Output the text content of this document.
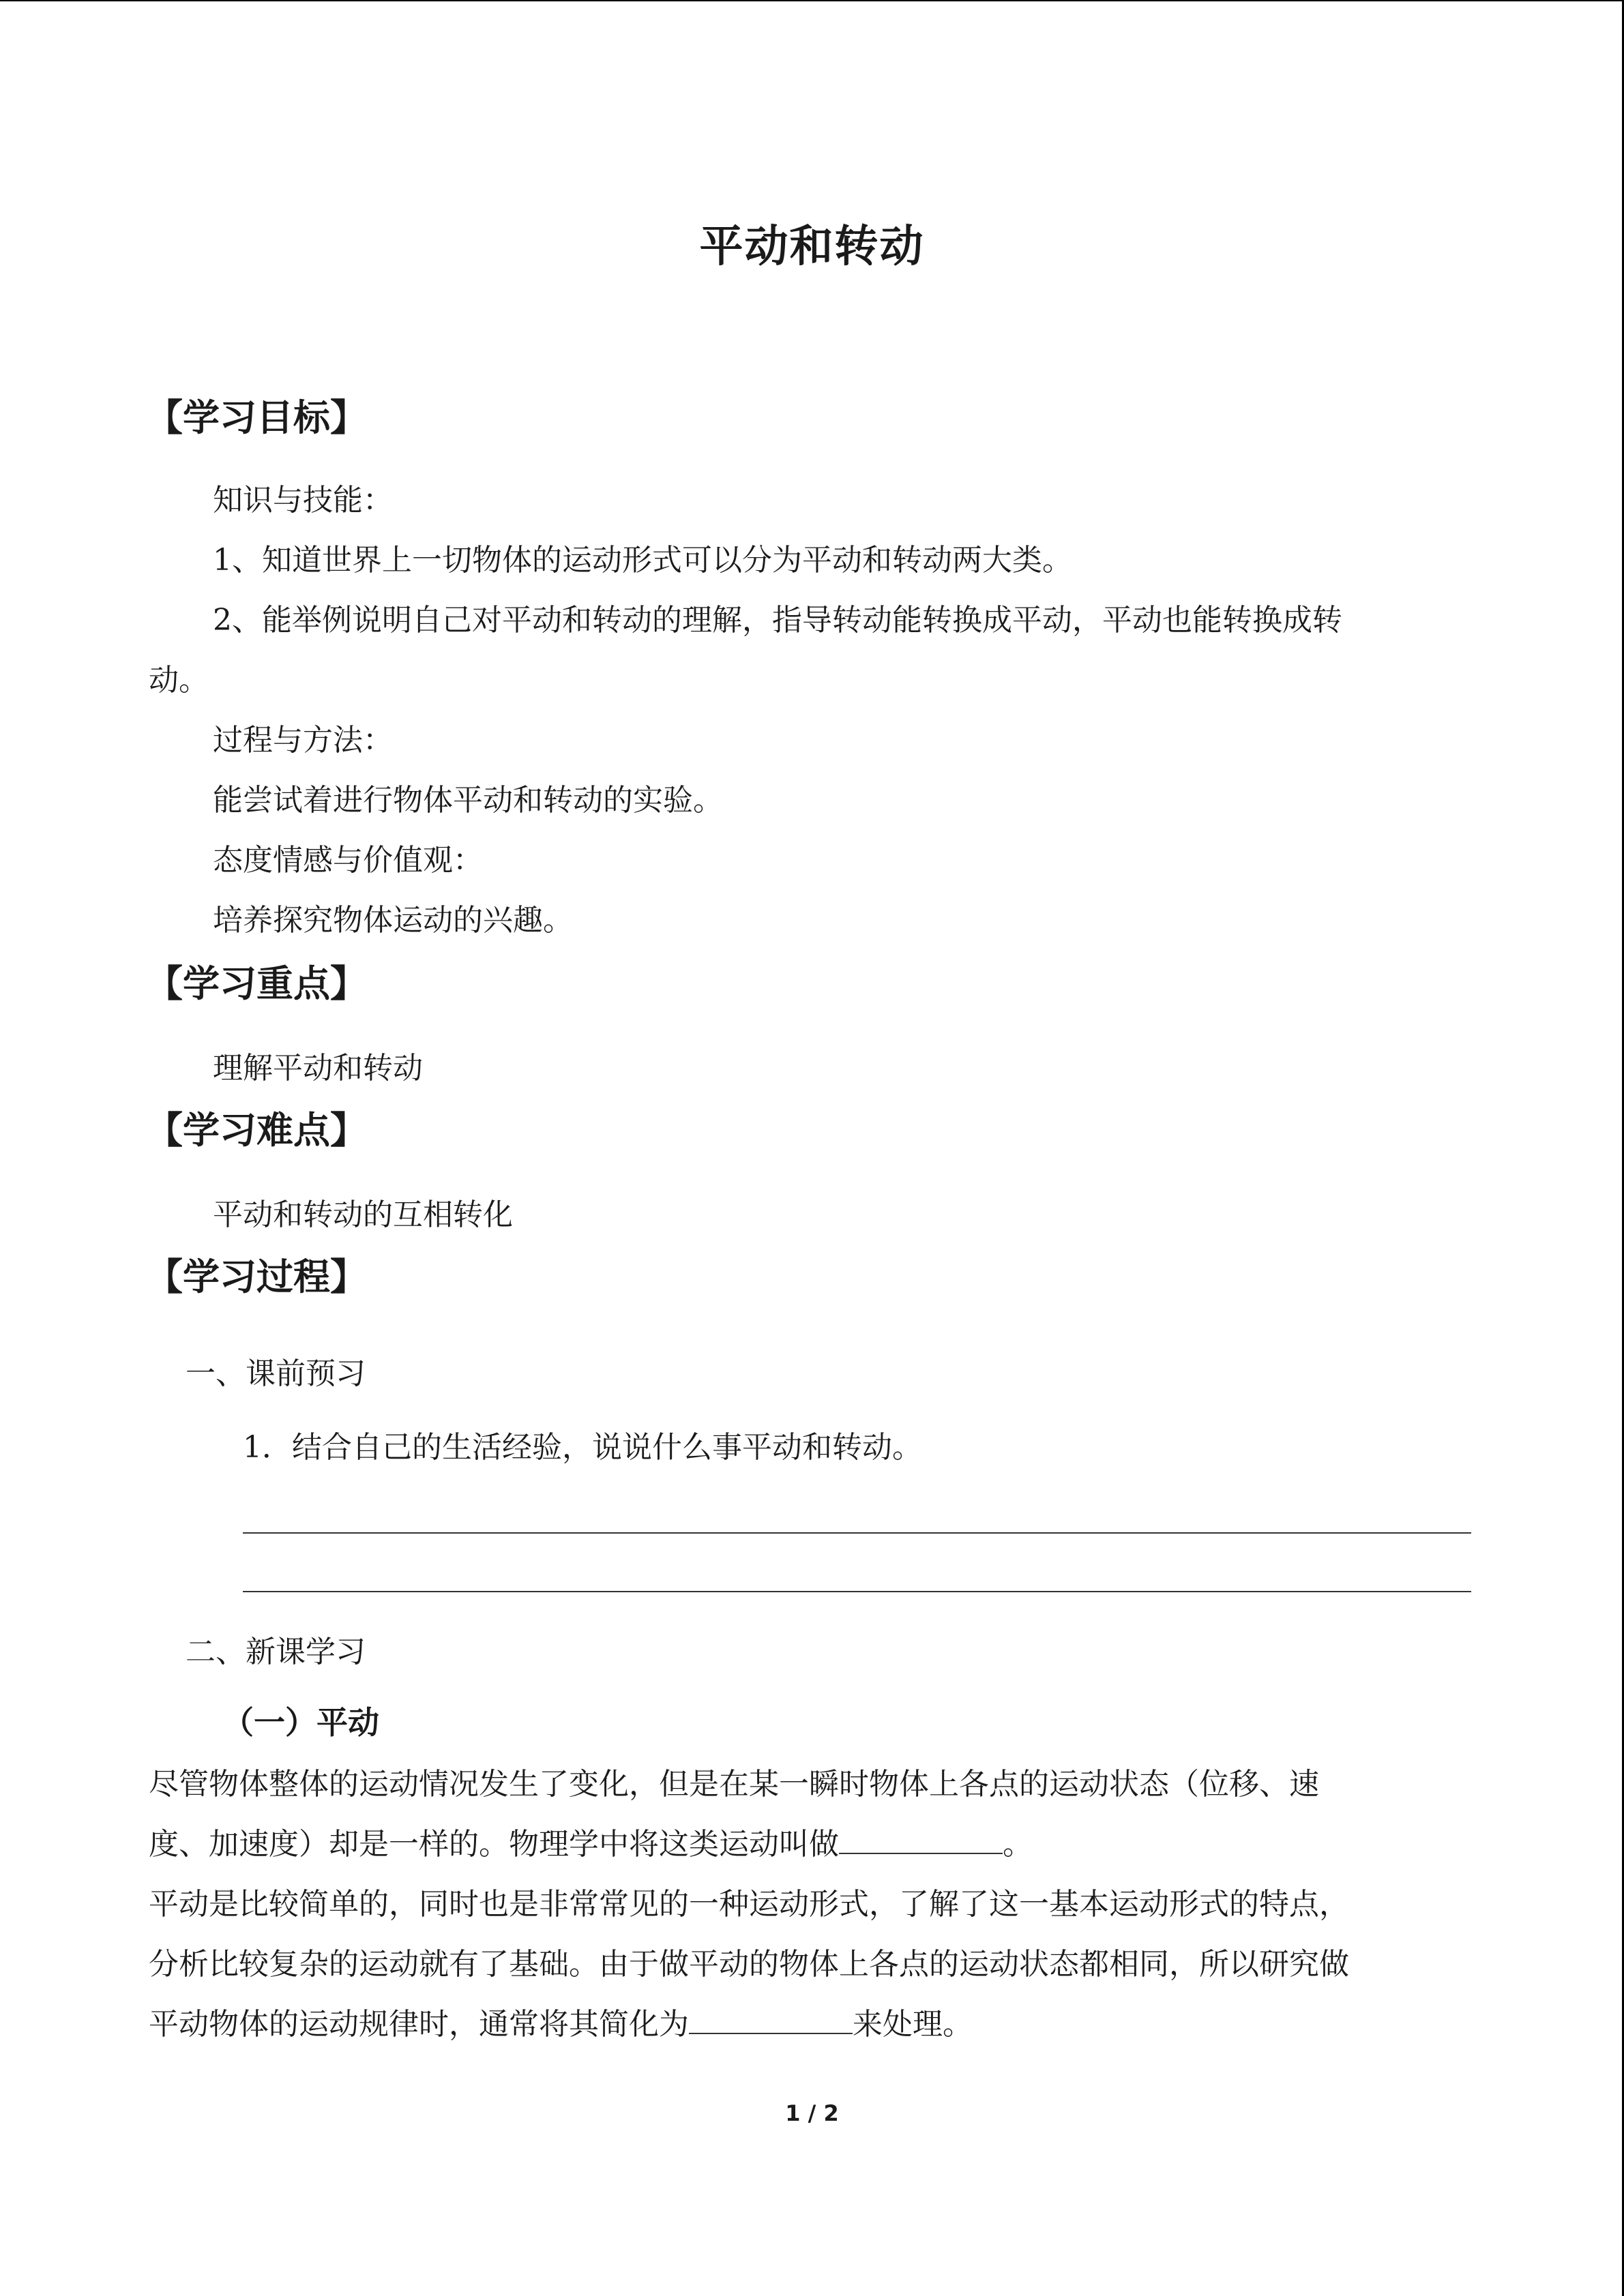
平动和转动
【学习目标】
知识与技能：
1、知道世界上一切物体的运动形式可以分为平动和转动两大类。
2、能举例说明自己对平动和转动的理解，指导转动能转换成平动，平动也能转换成转
动。
过程与方法：
能尝试着进行物体平动和转动的实验。
态度情感与价值观：
培养探究物体运动的兴趣。
【学习重点】
理解平动和转动
【学习难点】
平动和转动的互相转化
【学习过程】
一、课前预习
1．结合自己的生活经验，说说什么事平动和转动。
二、新课学习
（一）平动
尽管物体整体的运动情况发生了变化，但是在某一瞬时物体上各点的运动状态（位移、速
度、加速度）却是一样的。物理学中将这类运动叫做	。
平动是比较简单的，同时也是非常常见的一种运动形式，了解了这一基本运动形式的特点，
分析比较复杂的运动就有了基础。由于做平动的物体上各点的运动状态都相同，所以研究做
平动物体的运动规律时，通常将其简化为	来处理。
1 / 2
